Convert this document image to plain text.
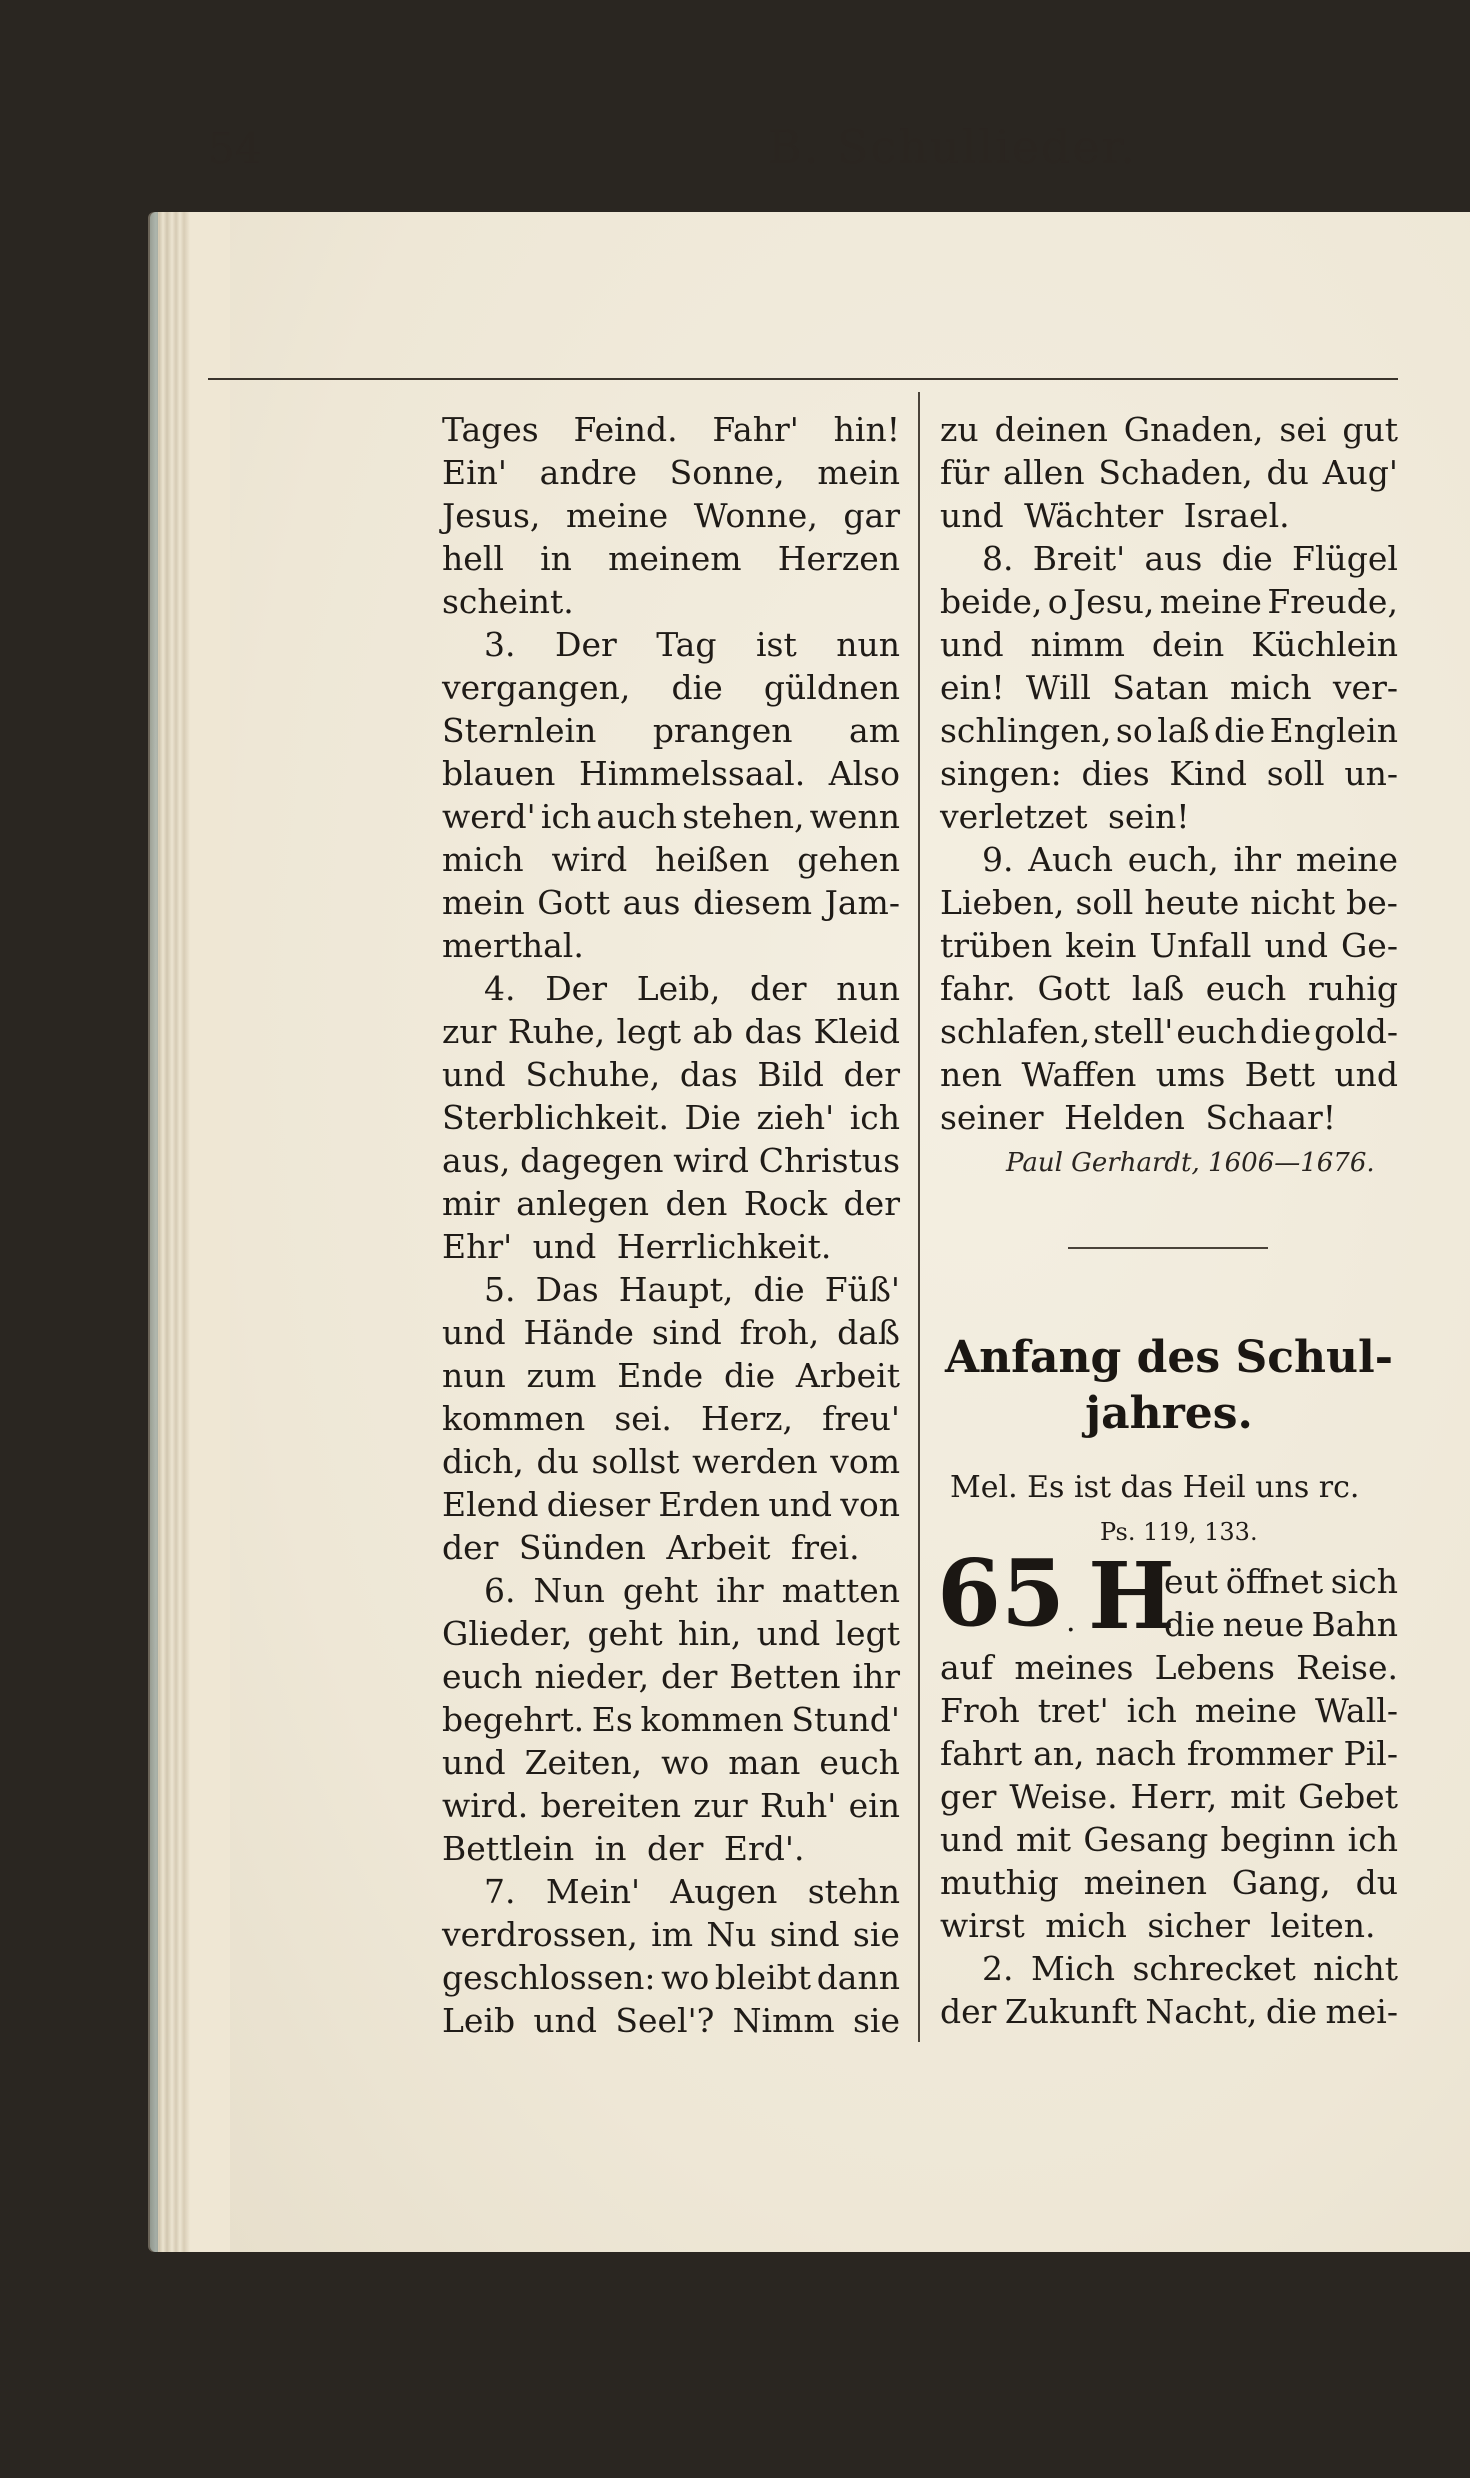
54	B. Schullieder.
Tages Feind. Fahr' hin!
Ein' andre Sonne, mein
Jesus, meine Wonne, gar
hell in meinem Herzen
scheint.
3. Der Tag ist nun
vergangen, die güldnen
Sternlein prangen am
blauen Himmelssaal. Also
werd' ich auch stehen, wenn
mich wird heißen gehen
mein Gott aus diesem Jam-
merthal.
4. Der Leib, der nun
zur Ruhe, legt ab das Kleid
und Schuhe, das Bild der
Sterblichkeit. Die zieh' ich
aus, dagegen wird Christus
mir anlegen den Rock der
Ehr' und Herrlichkeit.
5. Das Haupt, die Füß'
und Hände sind froh, daß
nun zum Ende die Arbeit
kommen sei. Herz, freu'
dich, du sollst werden vom
Elend dieser Erden und von
der Sünden Arbeit frei.
6. Nun geht ihr matten
Glieder, geht hin, und legt
euch nieder, der Betten ihr
begehrt. Es kommen Stund'
und Zeiten, wo man euch
wird. bereiten zur Ruh' ein
Bettlein in der Erd'.
7. Mein' Augen stehn
verdrossen, im Nu sind sie
geschlossen: wo bleibt dann
Leib und Seel'? Nimm sie
zu deinen Gnaden, sei gut
für allen Schaden, du Aug'
und Wächter Israel.
8. Breit' aus die Flügel
beide, o Jesu, meine Freude,
und nimm dein Küchlein
ein! Will Satan mich ver-
schlingen, so laß die Englein
singen: dies Kind soll un-
verletzet sein!
9. Auch euch, ihr meine
Lieben, soll heute nicht be-
trüben kein Unfall und Ge-
fahr. Gott laß euch ruhig
schlafen, stell' euch die gold-
nen Waffen ums Bett und
seiner Helden Schaar!
Paul Gerhardt, 1606—1676.
Anfang des Schul-
jahres.
Mel. Es ist das Heil uns rc.
Ps. 119, 133.
65 . H
eut öffnet sich
die neue Bahn
auf meines Lebens Reise.
Froh tret' ich meine Wall-
fahrt an, nach frommer Pil-
ger Weise. Herr, mit Gebet
und mit Gesang beginn ich
muthig meinen Gang, du
wirst mich sicher leiten.
2. Mich schrecket nicht
der Zukunft Nacht, die mei-
